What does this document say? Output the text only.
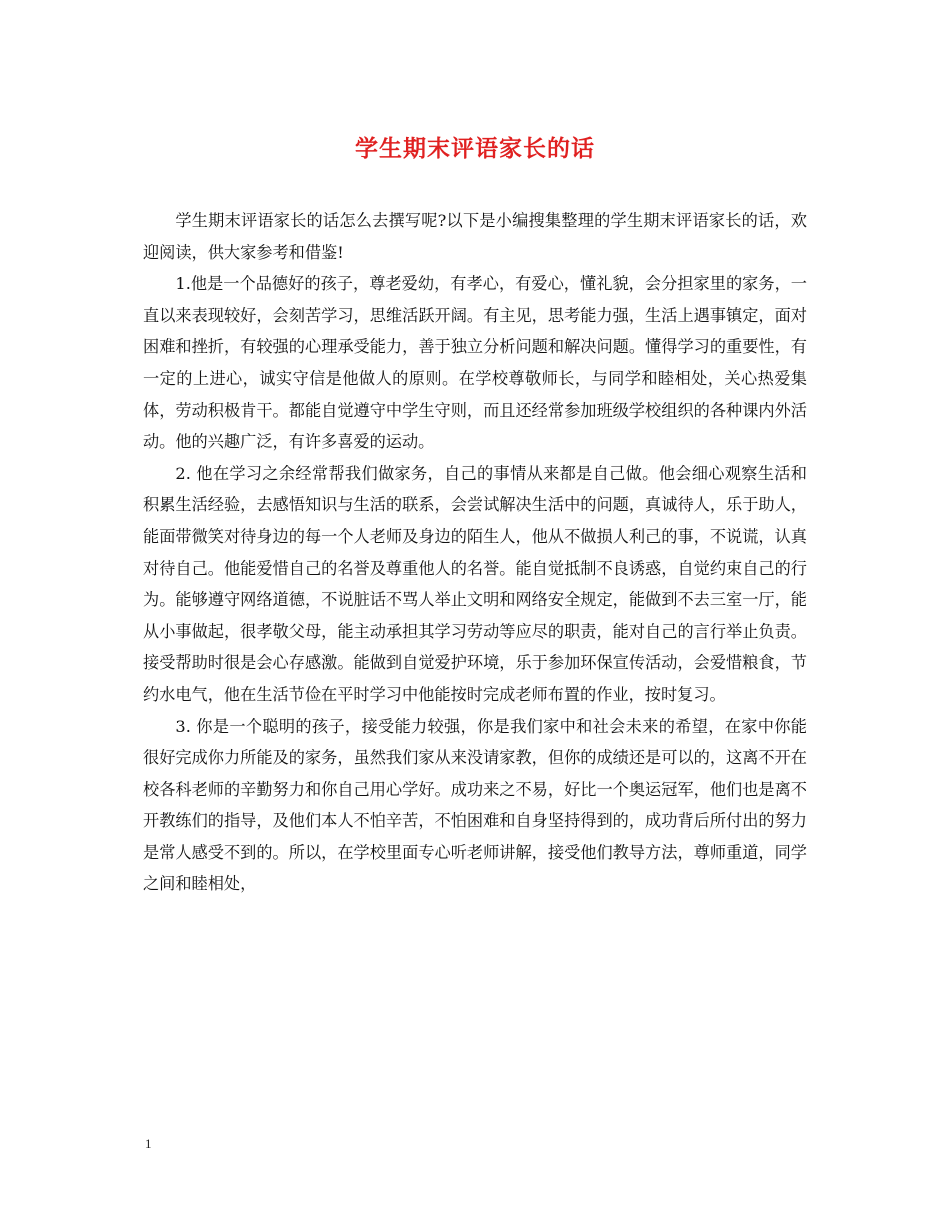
学生期末评语家长的话

学生期末评语家长的话怎么去撰写呢?以下是小编搜集整理的学生期末评语家长的话，欢迎阅读，供大家参考和借鉴!

1.他是一个品德好的孩子，尊老爱幼，有孝心，有爱心，懂礼貌，会分担家里的家务，一直以来表现较好，会刻苦学习，思维活跃开阔。有主见，思考能力强，生活上遇事镇定，面对困难和挫折，有较强的心理承受能力，善于独立分析问题和解决问题。懂得学习的重要性，有一定的上进心，诚实守信是他做人的原则。在学校尊敬师长，与同学和睦相处，关心热爱集体，劳动积极肯干。都能自觉遵守中学生守则，而且还经常参加班级学校组织的各种课内外活动。他的兴趣广泛，有许多喜爱的运动。

2. 他在学习之余经常帮我们做家务，自己的事情从来都是自己做。他会细心观察生活和积累生活经验，去感悟知识与生活的联系，会尝试解决生活中的问题，真诚待人，乐于助人，能面带微笑对待身边的每一个人老师及身边的陌生人，他从不做损人利己的事，不说谎，认真对待自己。他能爱惜自己的名誉及尊重他人的名誉。能自觉抵制不良诱惑，自觉约束自己的行为。能够遵守网络道德，不说脏话不骂人举止文明和网络安全规定，能做到不去三室一厅，能从小事做起，很孝敬父母，能主动承担其学习劳动等应尽的职责，能对自己的言行举止负责。接受帮助时很是会心存感激。能做到自觉爱护环境，乐于参加环保宣传活动，会爱惜粮食，节约水电气，他在生活节俭在平时学习中他能按时完成老师布置的作业，按时复习。

3. 你是一个聪明的孩子，接受能力较强，你是我们家中和社会未来的希望，在家中你能很好完成你力所能及的家务，虽然我们家从来没请家教，但你的成绩还是可以的，这离不开在校各科老师的辛勤努力和你自己用心学好。成功来之不易，好比一个奥运冠军，他们也是离不开教练们的指导，及他们本人不怕辛苦，不怕困难和自身坚持得到的，成功背后所付出的努力是常人感受不到的。所以，在学校里面专心听老师讲解，接受他们教导方法，尊师重道，同学之间和睦相处，

1
